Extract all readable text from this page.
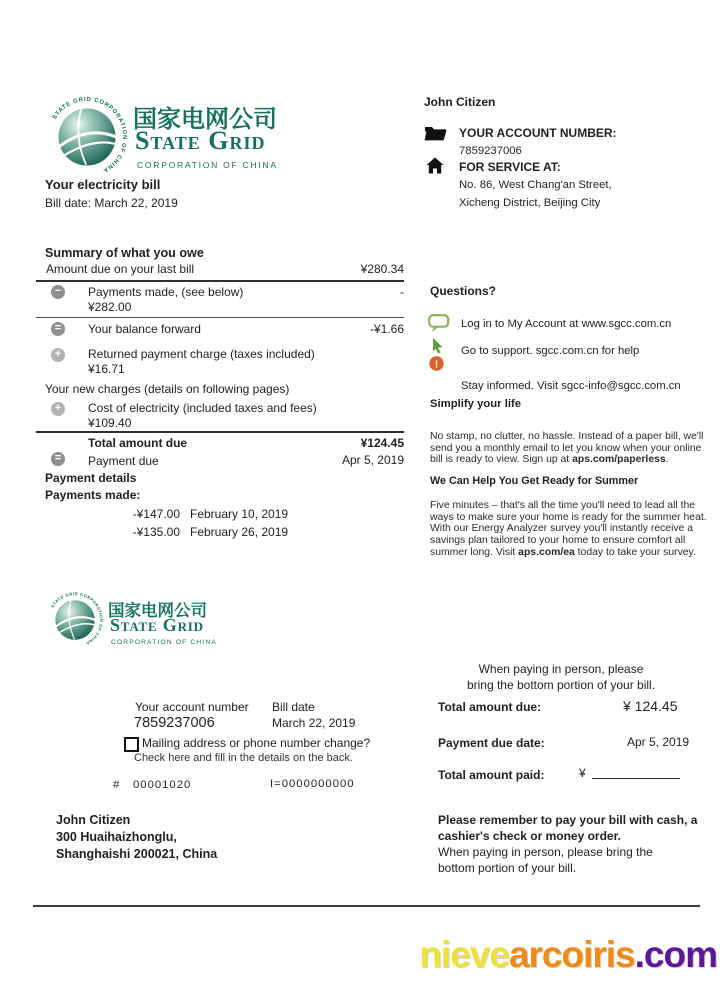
STATE GRID CORPORATION OF CHINA
国家电网公司
State Grid
CORPORATION OF CHINA
Your electricity bill
Bill date: March 22, 2019
John Citizen
YOUR ACCOUNT NUMBER:
7859237006
FOR SERVICE AT:
No. 86, West Chang'an Street,
Xicheng District, Beijing City
Summary of what you owe
Amount due on your last bill	¥280.34
−	Payments made, (see below)	-
¥282.00
=	Your balance forward	-¥1.66
+	Returned payment charge (taxes included)
¥16.71
Your new charges (details on following pages)
+	Cost of electricity (included taxes and fees)
¥109.40
Total amount due	¥124.45
=	Payment due	Apr 5, 2019
Payment details
Payments made:
-¥147.00 February 10, 2019
-¥135.00 February 26, 2019
Questions?
Log in to My Account at www.sgcc.com.cn
Go to support. sgcc.com.cn for help
!
Stay informed. Visit sgcc-info@sgcc.com.cn
Simplify your life
No stamp, no clutter, no hassle. Instead of a paper bill, we'll send you a monthly email to let you know when your online bill is ready to view. Sign up at aps.com/paperless.
We Can Help You Get Ready for Summer
Five minutes – that's all the time you'll need to lead all the ways to make sure your home is ready for the summer heat. With our Energy Analyzer survey you'll instantly receive a savings plan tailored to your home to ensure comfort all summer long. Visit aps.com/ea today to take your survey.
STATE GRID CORPORATION OF CHINA
国家电网公司
State Grid
CORPORATION OF CHINA
When paying in person, please
bring the bottom portion of your bill.
Your account number Bill date
7859237006	March 22, 2019
Mailing address or phone number change?
Check here and fill in the details on the back.
# 00001020	I=0000000000
Total amount due:	¥ 124.45
Payment due date:	Apr 5, 2019
Total amount paid:	¥
John Citizen
300 Huaihaizhonglu,
Shanghaishi 200021, China
Please remember to pay your bill with cash, a cashier's check or money order.
When paying in person, please bring the bottom portion of your bill.
nievearcoiris.com
